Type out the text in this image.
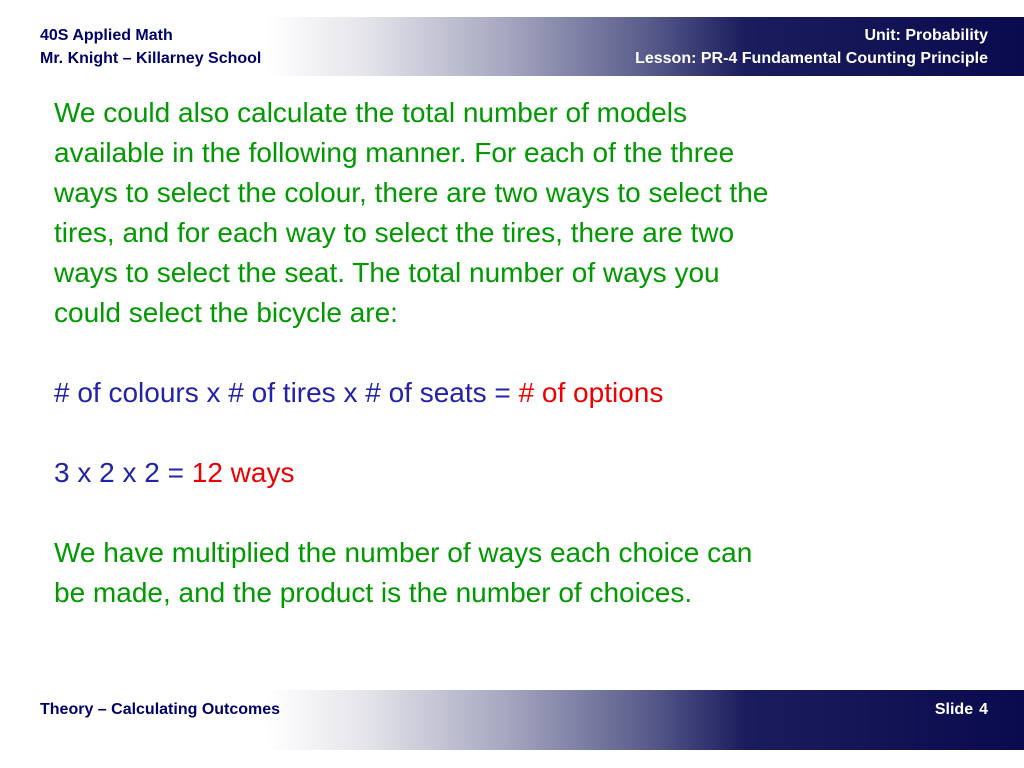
40S Applied Math
Mr. Knight – Killarney School
Unit: Probability
Lesson: PR-4 Fundamental Counting Principle
We could also calculate the total number of models
available in the following manner. For each of the three
ways to select the colour, there are two ways to select the
tires, and for each way to select the tires, there are two
ways to select the seat. The total number of ways you
could select the bicycle are:
# of colours x # of tires x # of seats = # of options
3 x 2 x 2 = 12 ways
We have multiplied the number of ways each choice can
be made, and the product is the number of choices.
Theory – Calculating Outcomes	Slide 4
